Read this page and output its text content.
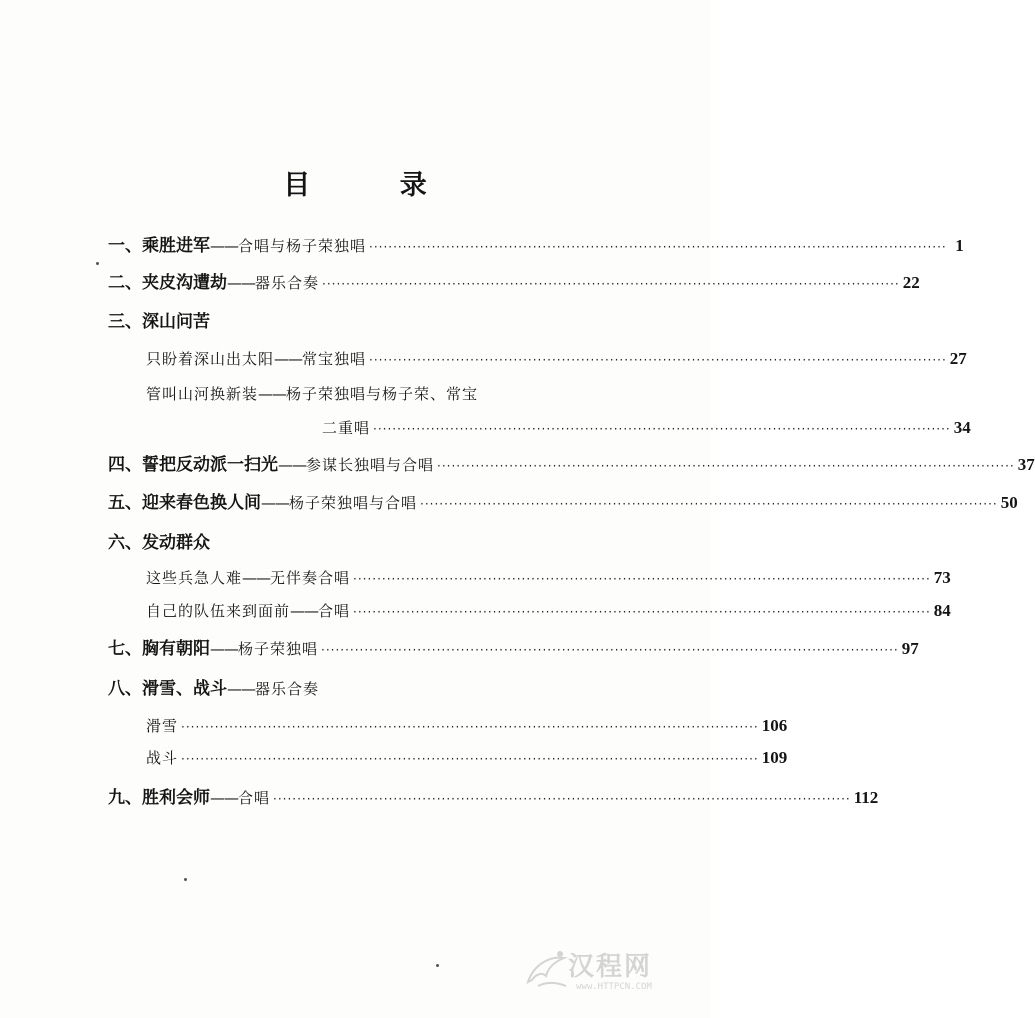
目 录
一、 乘胜进军 —— 合唱与杨子荣独唱 ························································································································ 1
二、 夹皮沟遭劫 —— 器乐合奏 ························································································································ 22
三、 深山问苦
只盼着深山出太阳 —— 常宝独唱 ························································································································ 27
管叫山河换新装 —— 杨子荣独唱与杨子荣、常宝
二重唱 ························································································································ 34
四、 誓把反动派一扫光 —— 参谋长独唱与合唱 ························································································································ 37
五、 迎来春色换人间 —— 杨子荣独唱与合唱 ························································································································ 50
六、 发动群众
这些兵急人难 —— 无伴奏合唱 ························································································································ 73
自己的队伍来到面前 —— 合唱 ························································································································ 84
七、 胸有朝阳 —— 杨子荣独唱 ························································································································ 97
八、 滑雪、战斗 —— 器乐合奏
滑雪 ························································································································ 106
战斗 ························································································································ 109
九、 胜利会师 —— 合唱 ························································································································ 112
汉程网
www.HTTPCN.COM
